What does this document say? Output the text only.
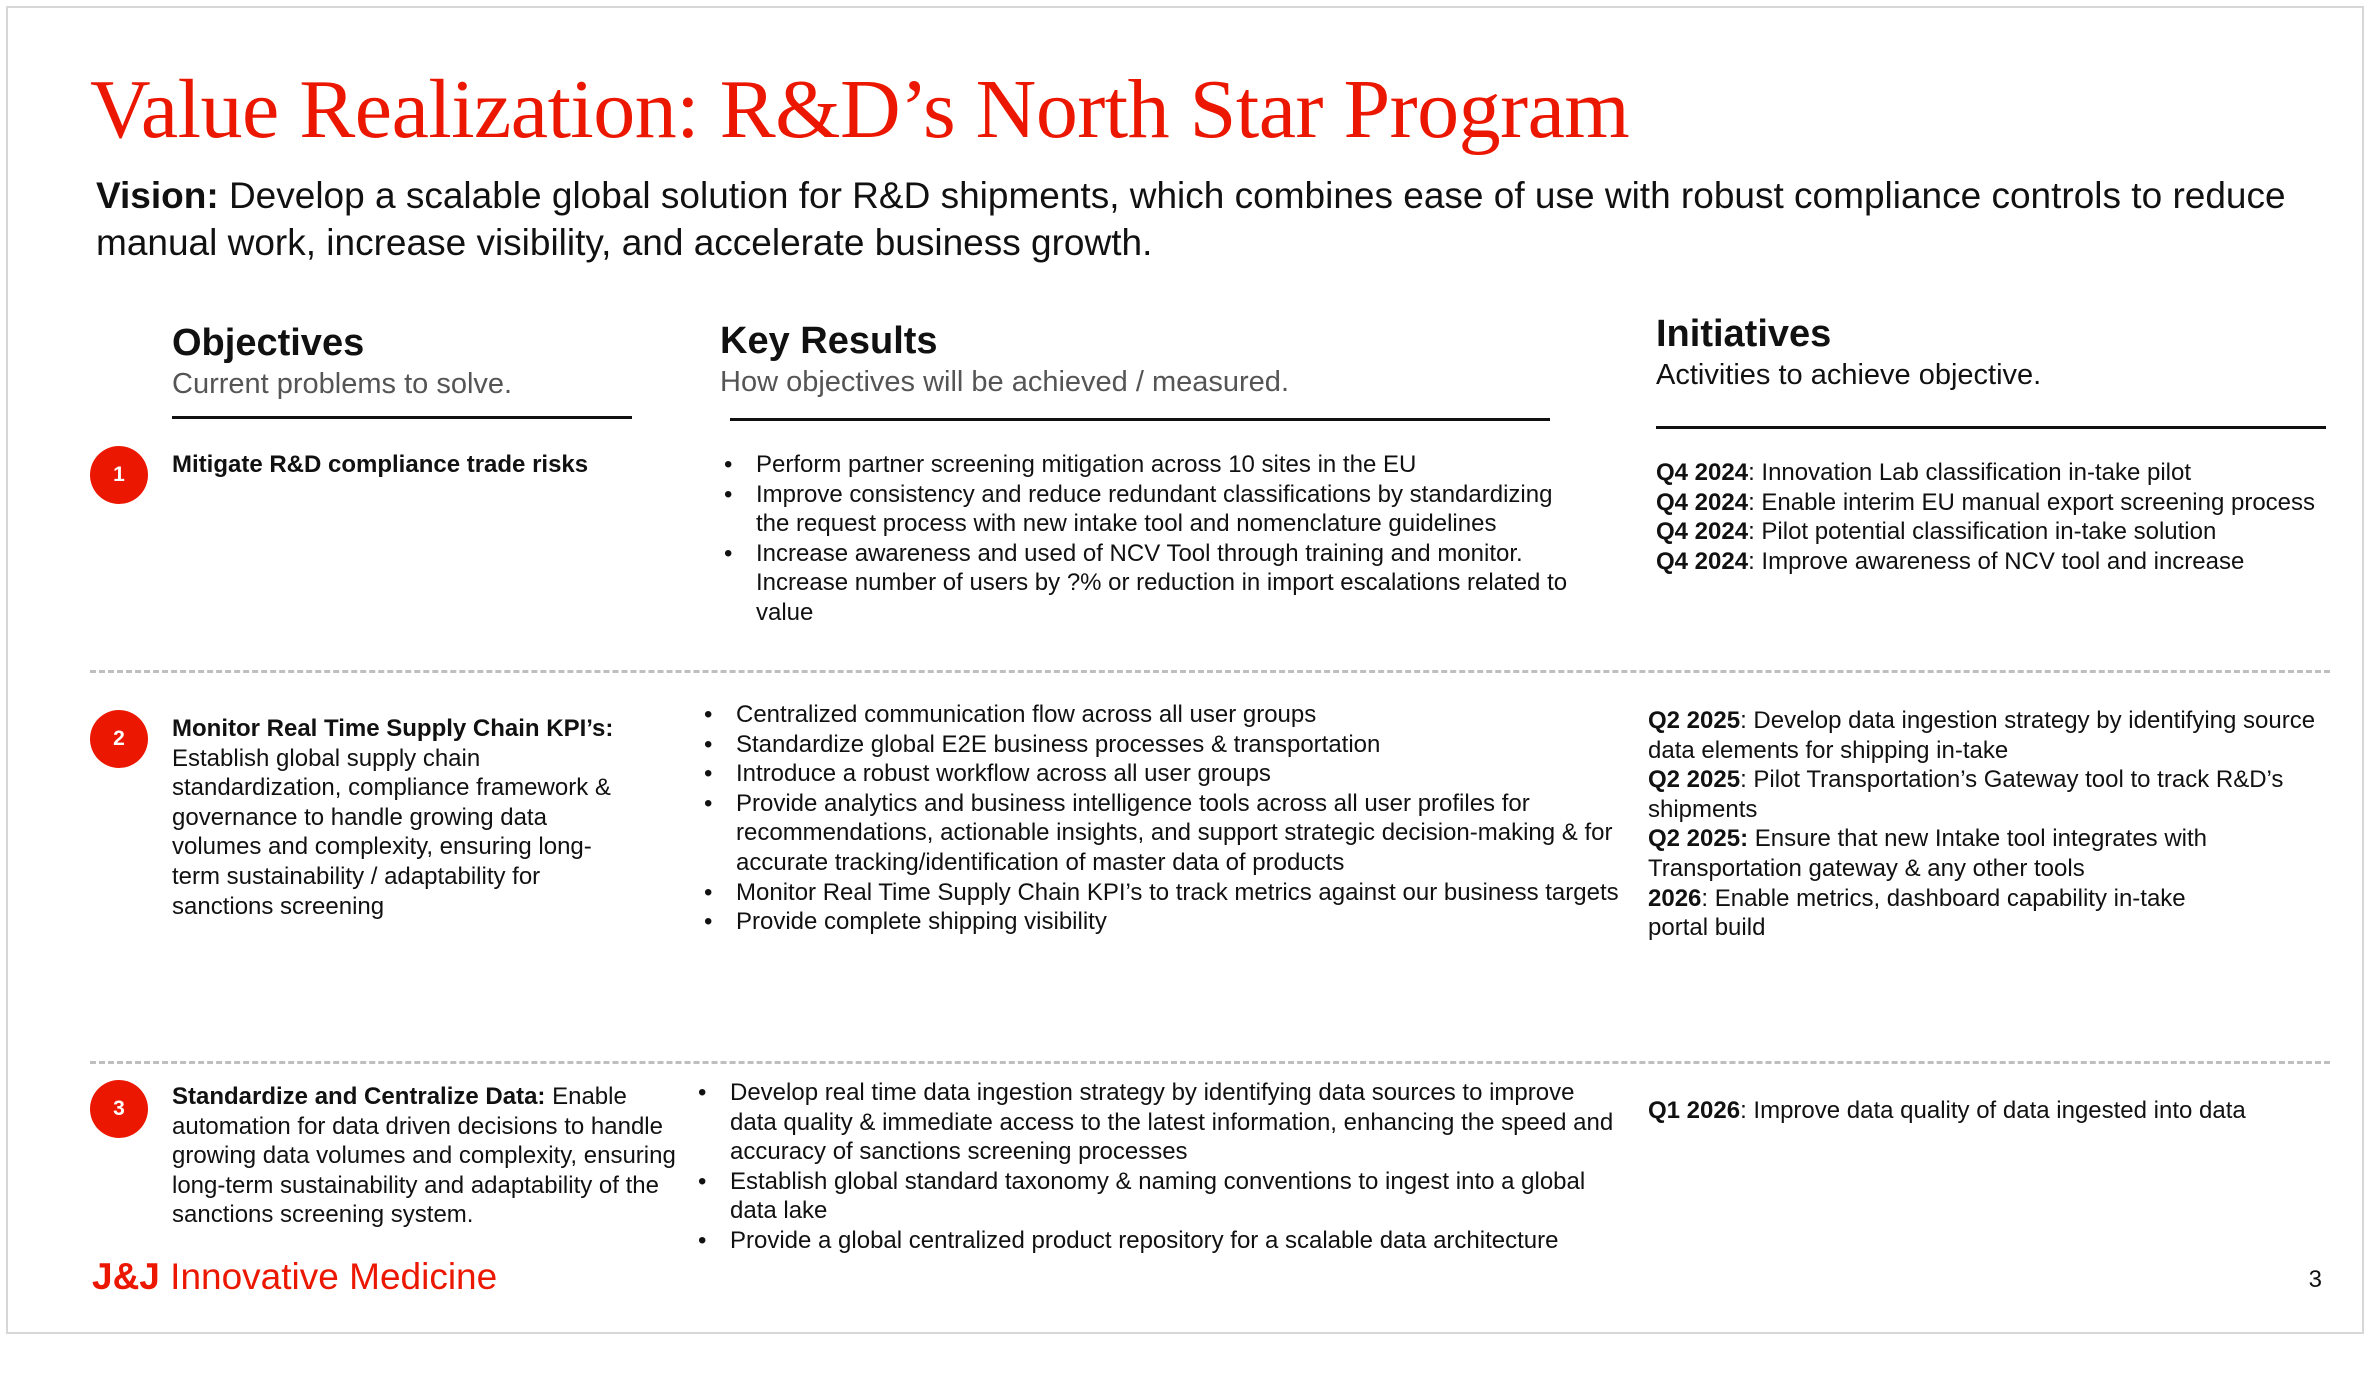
Value Realization: R&D’s North Star Program
Vision: Develop a scalable global solution for R&D shipments, which combines ease of use with robust compliance controls to reduce manual work, increase visibility, and accelerate business growth.
Objectives
Current problems to solve.
Key Results
How objectives will be achieved / measured.
Initiatives
Activities to achieve objective.
1	Mitigate R&D compliance trade risks
•	Perform partner screening mitigation across 10 sites in the EU
• Improve consistency and reduce redundant classifications by standardizing the request process with new intake tool and nomenclature guidelines
• Increase awareness and used of NCV Tool through training and monitor. Increase number of users by ?% or reduction in import escalations related to value
Q4 2024: Innovation Lab classification in-take pilot
Q4 2024: Enable interim EU manual export screening process
Q4 2024: Pilot potential classification in-take solution
Q4 2024: Improve awareness of NCV tool and increase
2	Monitor Real Time Supply Chain KPI’s: Establish global supply chain standardization, compliance framework & governance to handle growing data volumes and complexity, ensuring long-term sustainability / adaptability for sanctions screening
• Centralized communication flow across all user groups
• Standardize global E2E business processes & transportation
• Introduce a robust workflow across all user groups
• Provide analytics and business intelligence tools across all user profiles for recommendations, actionable insights, and support strategic decision-making & for accurate tracking/identification of master data of products
• Monitor Real Time Supply Chain KPI’s to track metrics against our business targets
• Provide complete shipping visibility
Q2 2025: Develop data ingestion strategy by identifying source data elements for shipping in-take
Q2 2025: Pilot Transportation’s Gateway tool to track R&D’s shipments
Q2 2025: Ensure that new Intake tool integrates with Transportation gateway & any other tools
2026: Enable metrics, dashboard capability in-take portal build
3	Standardize and Centralize Data: Enable automation for data driven decisions to handle growing data volumes and complexity, ensuring long-term sustainability and adaptability of the sanctions screening system.
• Develop real time data ingestion strategy by identifying data sources to improve data quality & immediate access to the latest information, enhancing the speed and accuracy of sanctions screening processes
• Establish global standard taxonomy & naming conventions to ingest into a global data lake
• Provide a global centralized product repository for a scalable data architecture
Q1 2026: Improve data quality of data ingested into data
J&J Innovative Medicine	3
